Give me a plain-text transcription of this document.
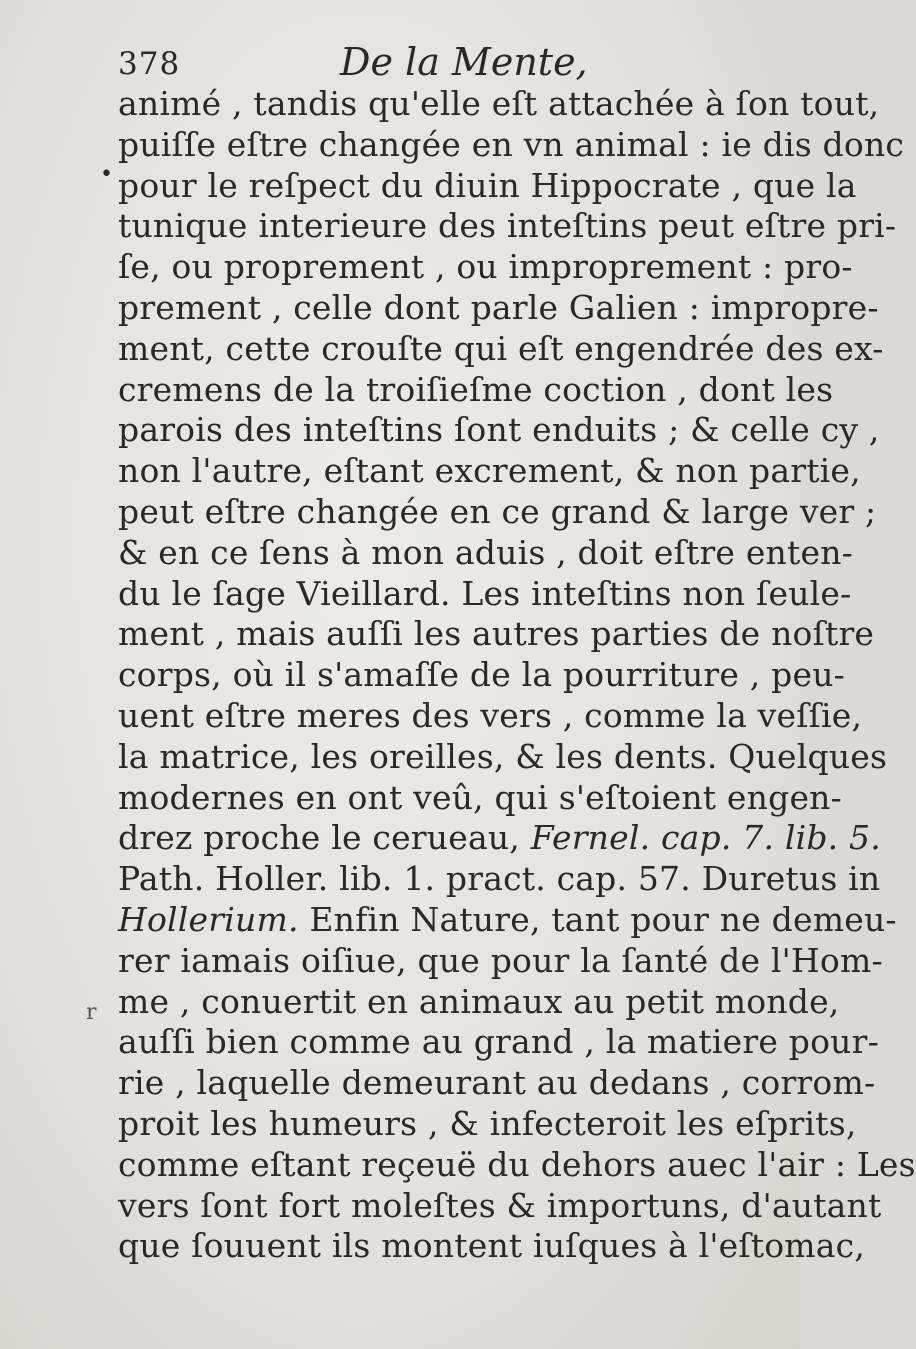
378	De la Mente,
•
r
animé , tandis qu'elle eſt attachée à ſon tout,
puiſſe eſtre changée en vn animal : ie dis donc
pour le reſpect du diuin Hippocrate , que la
tunique interieure des inteſtins peut eſtre pri-
ſe, ou proprement , ou improprement : pro-
prement , celle dont parle Galien : impropre-
ment, cette crouſte qui eſt engendrée des ex-
cremens de la troiſieſme coction , dont les
parois des inteſtins ſont enduits ; & celle cy ,
non l'autre, eſtant excrement, & non partie,
peut eſtre changée en ce grand & large ver ;
& en ce ſens à mon aduis , doit eſtre enten-
du le ſage Vieillard. Les inteſtins non ſeule-
ment , mais auſſi les autres parties de noſtre
corps, où il s'amaſſe de la pourriture , peu-
uent eſtre meres des vers , comme la veſſie,
la matrice, les oreilles, & les dents. Quelques
modernes en ont veû, qui s'eſtoient engen-
drez proche le cerueau, Fernel. cap. 7. lib. 5.
Path. Holler. lib. 1. pract. cap. 57. Duretus in
Hollerium. Enfin Nature, tant pour ne demeu-
rer iamais oiſiue, que pour la ſanté de l'Hom-
me , conuertit en animaux au petit monde,
auſſi bien comme au grand , la matiere pour-
rie , laquelle demeurant au dedans , corrom-
proit les humeurs , & infecteroit les eſprits,
comme eſtant reçeuë du dehors auec l'air : Les
vers ſont fort moleſtes & importuns, d'autant
que ſouuent ils montent iuſques à l'eſtomac,
